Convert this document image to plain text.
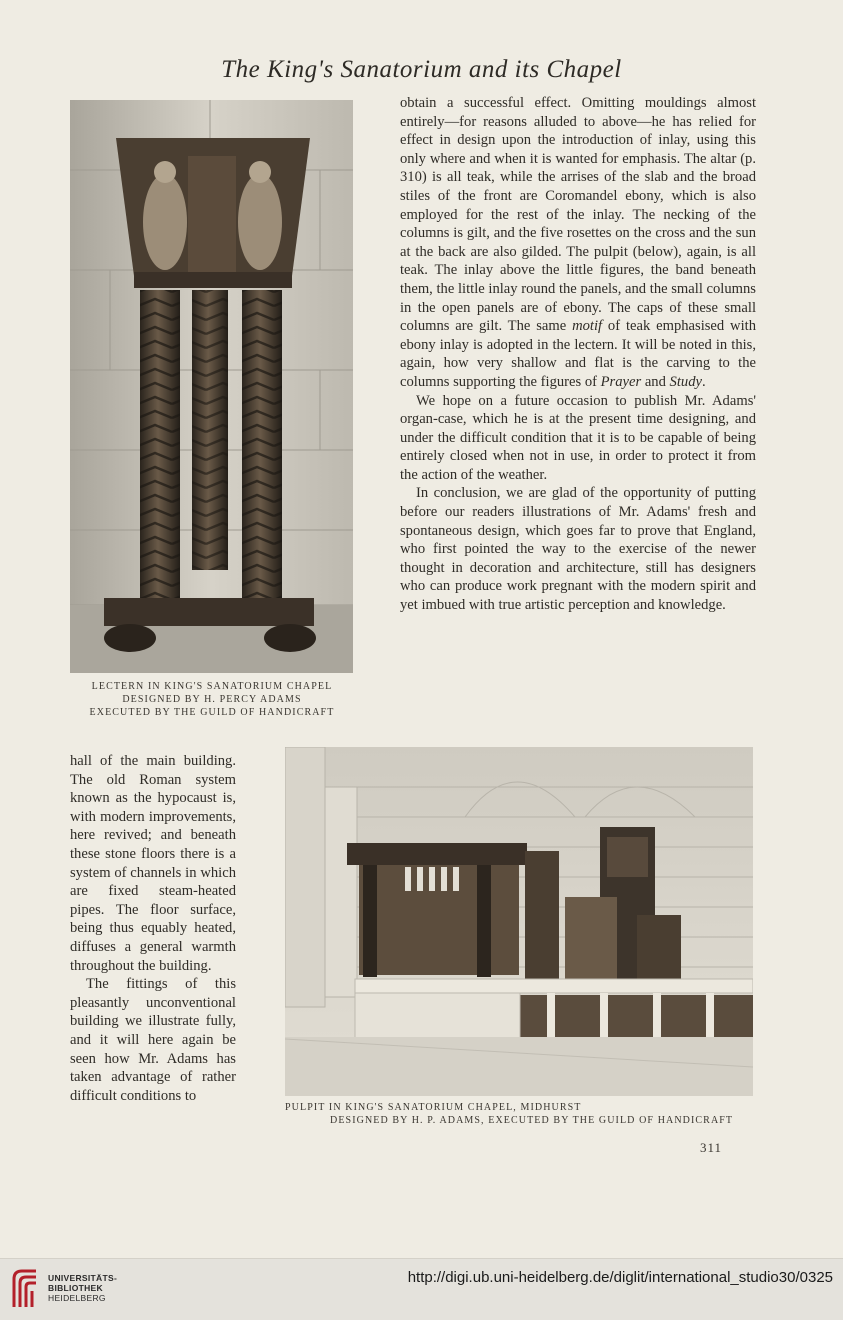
The King's Sanatorium and its Chapel
LECTERN IN KING'S SANATORIUM CHAPEL
DESIGNED BY H. PERCY ADAMS
EXECUTED BY THE GUILD OF HANDICRAFT

obtain a successful effect. Omitting mouldings almost entirely—for reasons alluded to above—he has relied for effect in design upon the introduction of inlay, using this only where and when it is wanted for emphasis. The altar (p. 310) is all teak, while the arrises of the slab and the broad stiles of the front are Coromandel ebony, which is also employed for the rest of the inlay. The necking of the columns is gilt, and the five rosettes on the cross and the sun at the back are also gilded. The pulpit (below), again, is all teak. The inlay above the little figures, the band beneath them, the little inlay round the panels, and the small columns in the open panels are of ebony. The caps of these small columns are gilt. The same motif of teak emphasised with ebony inlay is adopted in the lectern. It will be noted in this, again, how very shallow and flat is the carving to the columns supporting the figures of Prayer and Study.

We hope on a future occasion to publish Mr. Adams' organ-case, which he is at the present time designing, and under the difficult condition that it is to be capable of being entirely closed when not in use, in order to protect it from the action of the weather.

In conclusion, we are glad of the opportunity of putting before our readers illustrations of Mr. Adams' fresh and spontaneous design, which goes far to prove that England, who first pointed the way to the exercise of the newer thought in decoration and architecture, still has designers who can produce work pregnant with the modern spirit and yet imbued with true artistic perception and knowledge.

hall of the main building. The old Roman system known as the hypocaust is, with modern improvements, here revived; and beneath these stone floors there is a system of channels in which are fixed steam-heated pipes. The floor surface, being thus equably heated, diffuses a general warmth throughout the building.

The fittings of this pleasantly unconventional building we illustrate fully, and it will here again be seen how Mr. Adams has taken advantage of rather difficult conditions to

PULPIT IN KING'S SANATORIUM CHAPEL, MIDHURST
DESIGNED BY H. P. ADAMS, EXECUTED BY THE GUILD OF HANDICRAFT
311
UNIVERSITÄTS-
BIBLIOTHEK
HEIDELBERG
http://digi.ub.uni-heidelberg.de/diglit/international_studio30/0325
